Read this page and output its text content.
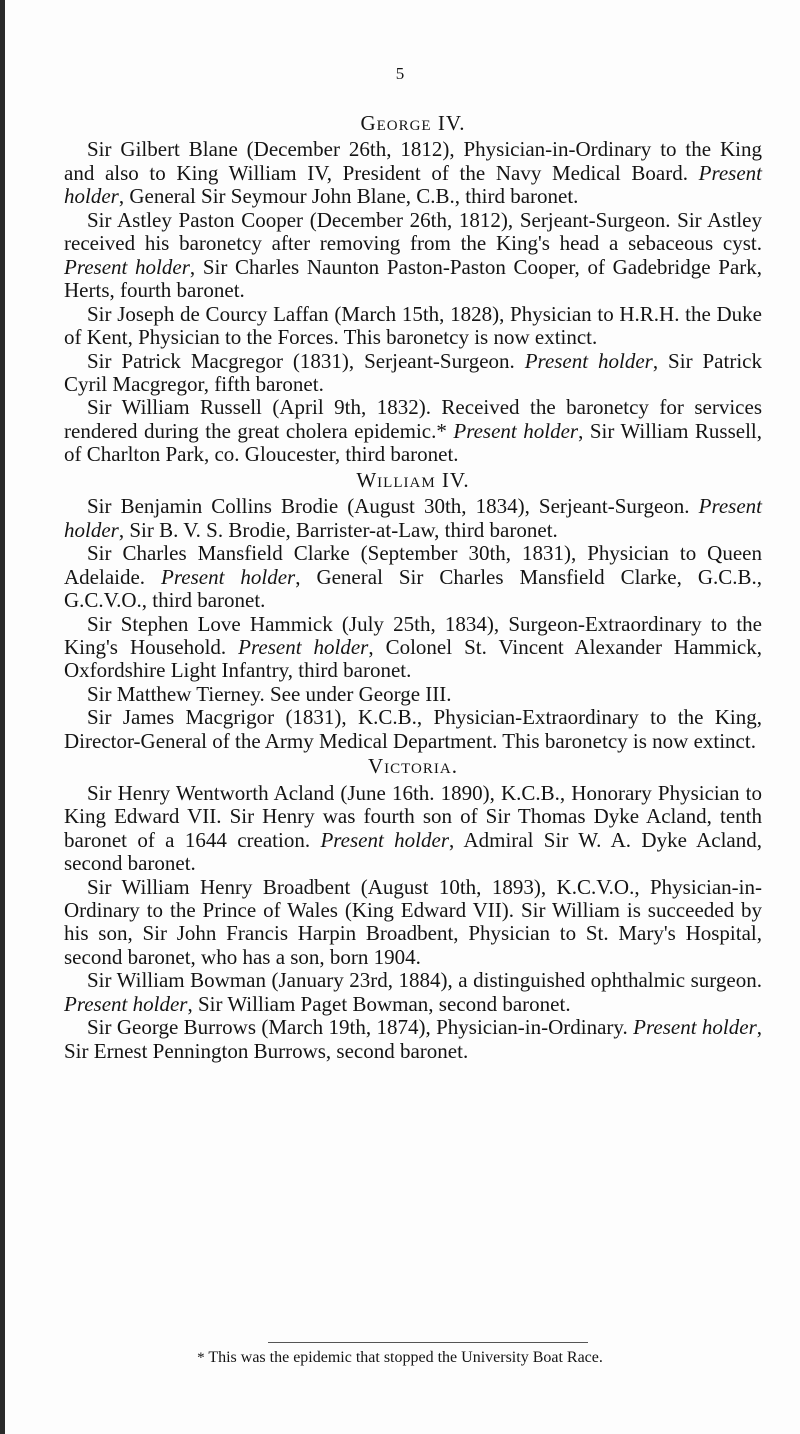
5
George IV.

Sir Gilbert Blane (December 26th, 1812), Physician-in-Ordinary to the King and also to King William IV, President of the Navy Medical Board. Present holder, General Sir Seymour John Blane, C.B., third baronet.

Sir Astley Paston Cooper (December 26th, 1812), Serjeant-Surgeon. Sir Astley received his baronetcy after removing from the King's head a sebaceous cyst. Present holder, Sir Charles Naunton Paston-Paston Cooper, of Gadebridge Park, Herts, fourth baronet.

Sir Joseph de Courcy Laffan (March 15th, 1828), Physician to H.R.H. the Duke of Kent, Physician to the Forces. This baronetcy is now extinct.

Sir Patrick Macgregor (1831), Serjeant-Surgeon. Present holder, Sir Patrick Cyril Macgregor, fifth baronet.

Sir William Russell (April 9th, 1832). Received the baronetcy for services rendered during the great cholera epidemic.* Present holder, Sir William Russell, of Charlton Park, co. Gloucester, third baronet.

William IV.

Sir Benjamin Collins Brodie (August 30th, 1834), Serjeant-Surgeon. Present holder, Sir B. V. S. Brodie, Barrister-at-Law, third baronet.

Sir Charles Mansfield Clarke (September 30th, 1831), Physician to Queen Adelaide. Present holder, General Sir Charles Mansfield Clarke, G.C.B., G.C.V.O., third baronet.

Sir Stephen Love Hammick (July 25th, 1834), Surgeon-Extraordinary to the King's Household. Present holder, Colonel St. Vincent Alexander Hammick, Oxfordshire Light Infantry, third baronet.

Sir Matthew Tierney. See under George III.

Sir James Macgrigor (1831), K.C.B., Physician-Extraordinary to the King, Director-General of the Army Medical Department. This baronetcy is now extinct.

Victoria.

Sir Henry Wentworth Acland (June 16th. 1890), K.C.B., Honorary Physician to King Edward VII. Sir Henry was fourth son of Sir Thomas Dyke Acland, tenth baronet of a 1644 creation. Present holder, Admiral Sir W. A. Dyke Acland, second baronet.

Sir William Henry Broadbent (August 10th, 1893), K.C.V.O., Physician-in-Ordinary to the Prince of Wales (King Edward VII). Sir William is succeeded by his son, Sir John Francis Harpin Broadbent, Physician to St. Mary's Hospital, second baronet, who has a son, born 1904.

Sir William Bowman (January 23rd, 1884), a distinguished ophthalmic surgeon. Present holder, Sir William Paget Bowman, second baronet.

Sir George Burrows (March 19th, 1874), Physician-in-Ordinary. Present holder, Sir Ernest Pennington Burrows, second baronet.

* This was the epidemic that stopped the University Boat Race.
